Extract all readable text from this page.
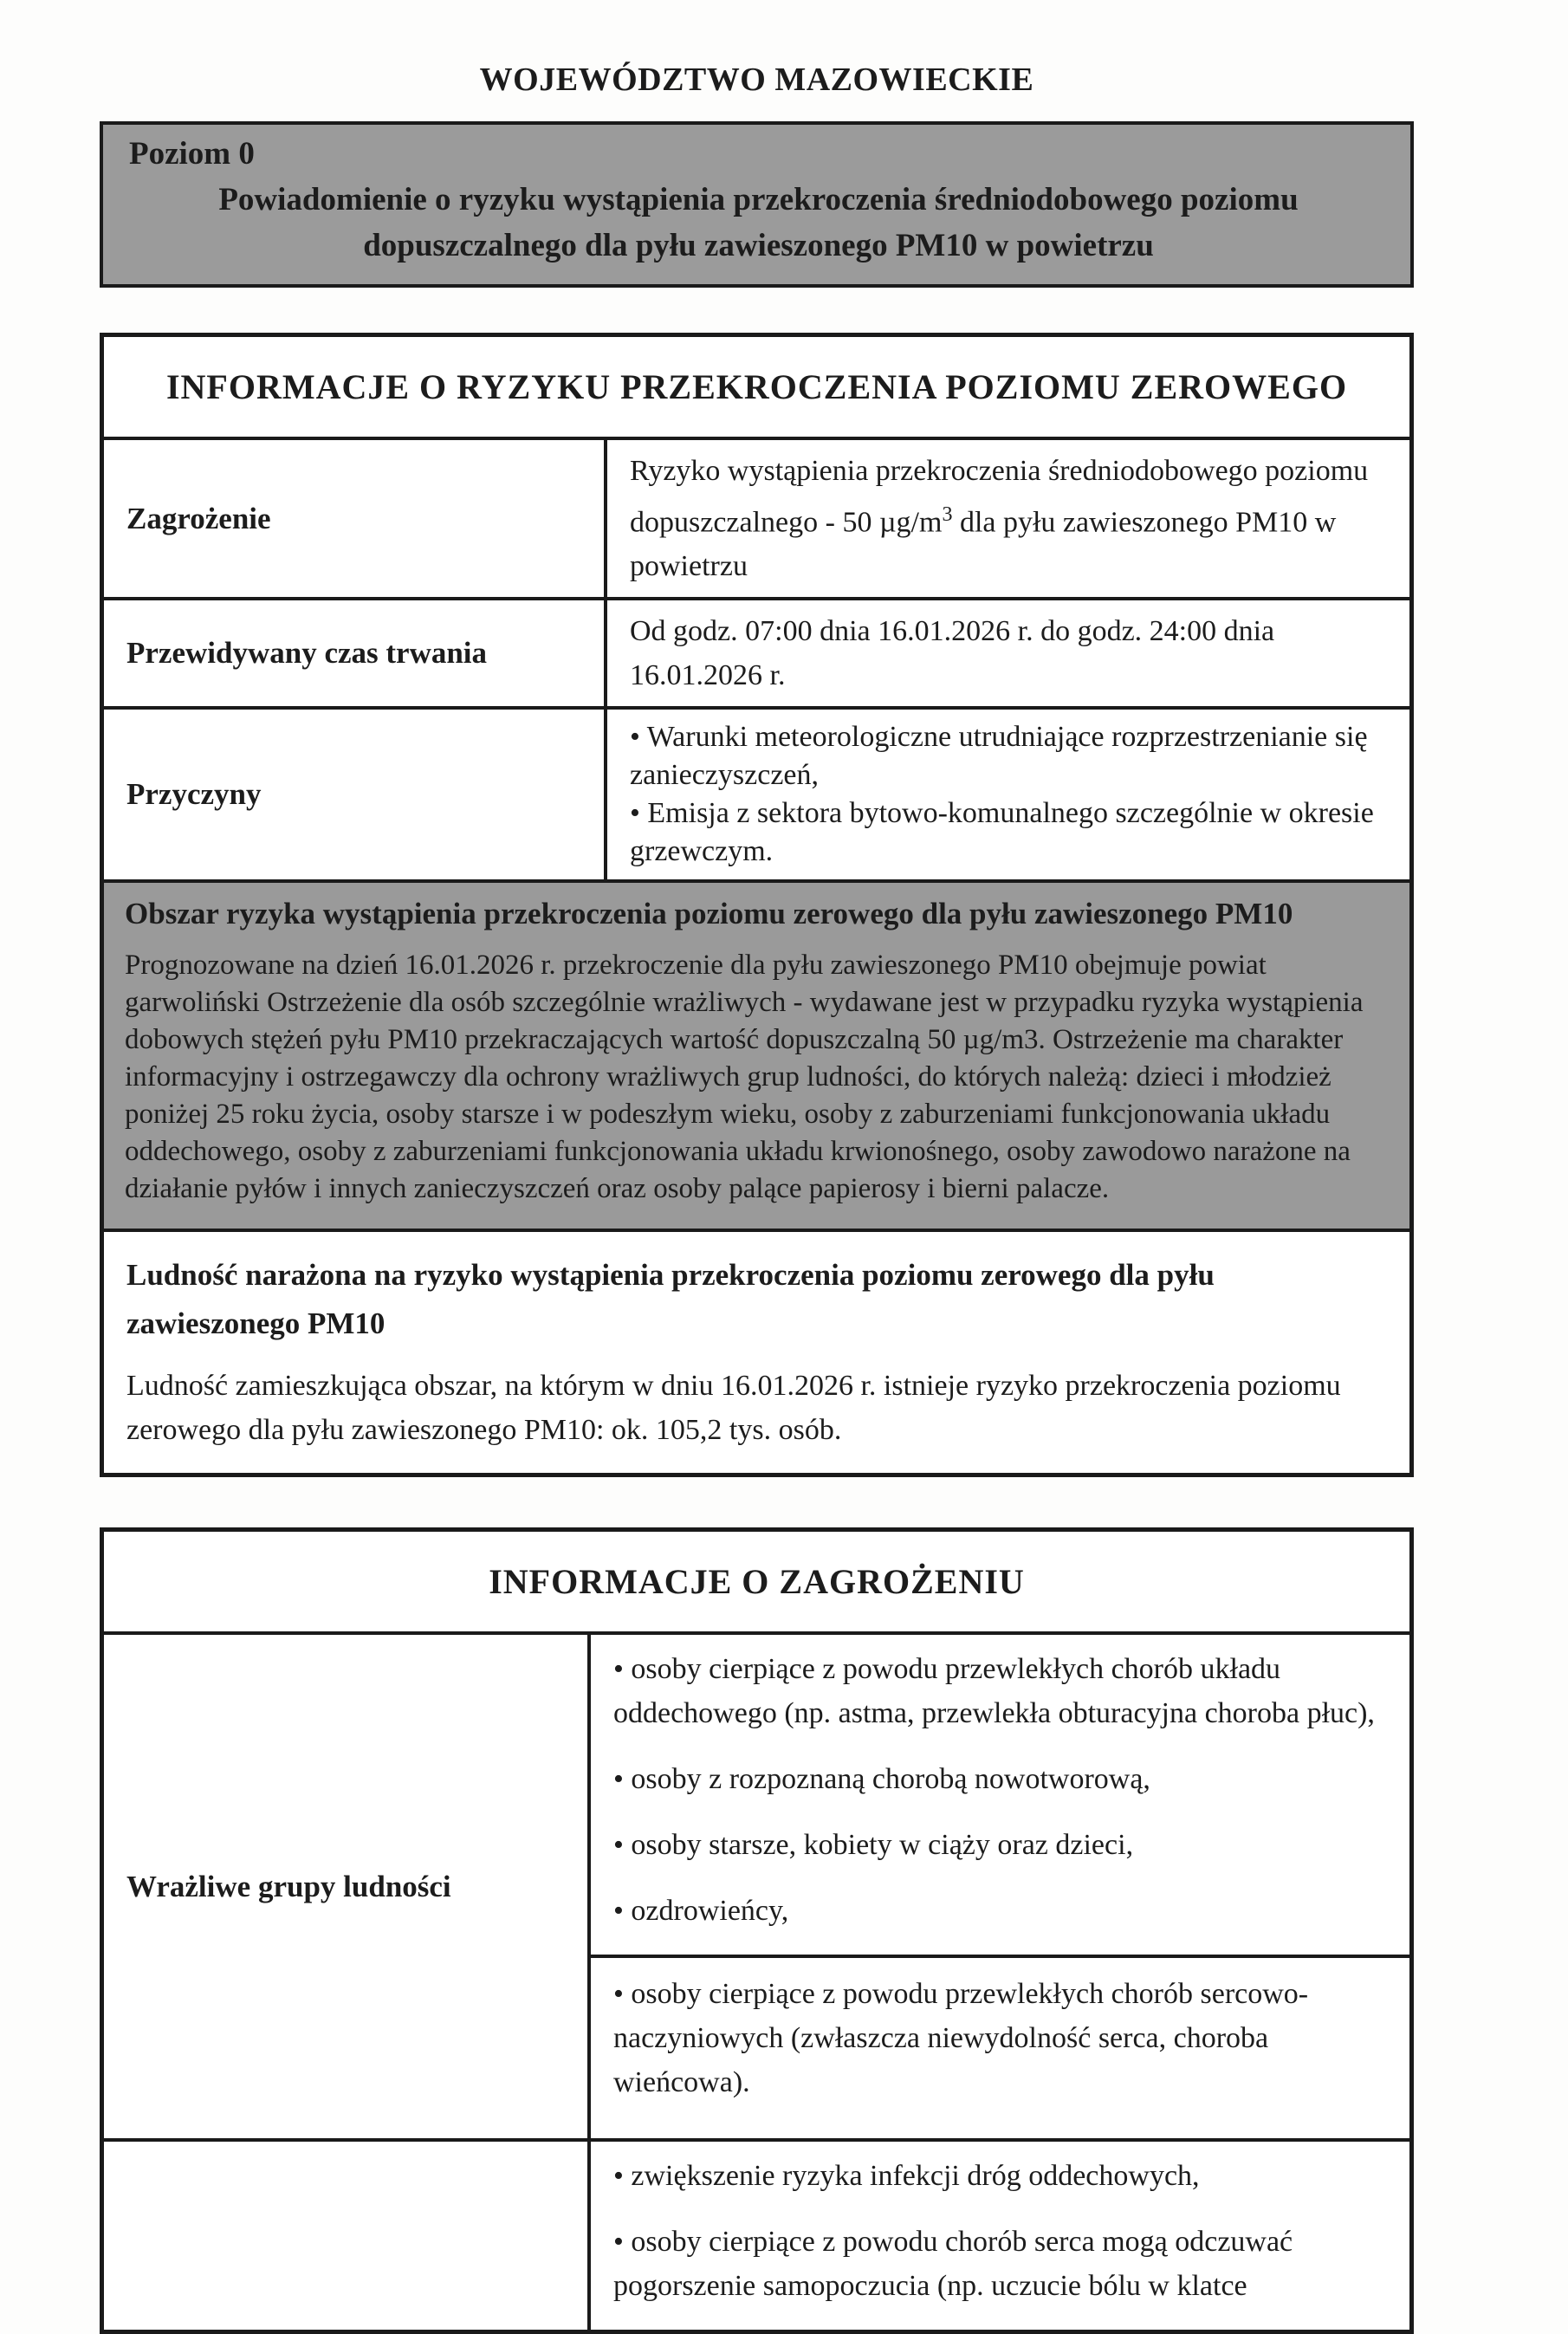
WOJEWÓDZTWO MAZOWIECKIE
Poziom 0
Powiadomienie o ryzyku wystąpienia przekroczenia średniodobowego poziomu dopuszczalnego dla pyłu zawieszonego PM10 w powietrzu
INFORMACJE O RYZYKU PRZEKROCZENIA POZIOMU ZEROWEGO
Zagrożenie	Ryzyko wystąpienia przekroczenia średniodobowego poziomu dopuszczalnego - 50 $\mu g/m^3$ dla pyłu zawieszonego PM10 w powietrzu
Przewidywany czas trwania	Od godz. 07:00 dnia 16.01.2026 r. do godz. 24:00 dnia 16.01.2026 r.
Przyczyny	• Warunki meteorologiczne utrudniające rozprzestrzenianie się zanieczyszczeń,
• Emisja z sektora bytowo-komunalnego szczególnie w okresie grzewczym.
Obszar ryzyka wystąpienia przekroczenia poziomu zerowego dla pyłu zawieszonego PM10
Prognozowane na dzień 16.01.2026 r. przekroczenie dla pyłu zawieszonego PM10 obejmuje powiat garwoliński Ostrzeżenie dla osób szczególnie wrażliwych - wydawane jest w przypadku ryzyka wystąpienia dobowych stężeń pyłu PM10 przekraczających wartość dopuszczalną 50 µg/m3. Ostrzeżenie ma charakter informacyjny i ostrzegawczy dla ochrony wrażliwych grup ludności, do których należą: dzieci i młodzież poniżej 25 roku życia, osoby starsze i w podeszłym wieku, osoby z zaburzeniami funkcjonowania układu oddechowego, osoby z zaburzeniami funkcjonowania układu krwionośnego, osoby zawodowo narażone na działanie pyłów i innych zanieczyszczeń oraz osoby palące papierosy i bierni palacze.
Ludność narażona na ryzyko wystąpienia przekroczenia poziomu zerowego dla pyłu zawieszonego PM10
Ludność zamieszkująca obszar, na którym w dniu 16.01.2026 r. istnieje ryzyko przekroczenia poziomu zerowego dla pyłu zawieszonego PM10: ok. 105,2 tys. osób.
INFORMACJE O ZAGROŻENIU
Wrażliwe grupy ludności	• osoby cierpiące z powodu przewlekłych chorób układu oddechowego (np. astma, przewlekła obturacyjna choroba płuc),
• osoby z rozpoznaną chorobą nowotworową,
• osoby starsze, kobiety w ciąży oraz dzieci,
• ozdrowieńcy,

	• osoby cierpiące z powodu przewlekłych chorób sercowo-naczyniowych (zwłaszcza niewydolność serca, choroba wieńcowa).

	• zwiększenie ryzyka infekcji dróg oddechowych,
• osoby cierpiące z powodu chorób serca mogą odczuwać pogorszenie samopoczucia (np. uczucie bólu w klatce
